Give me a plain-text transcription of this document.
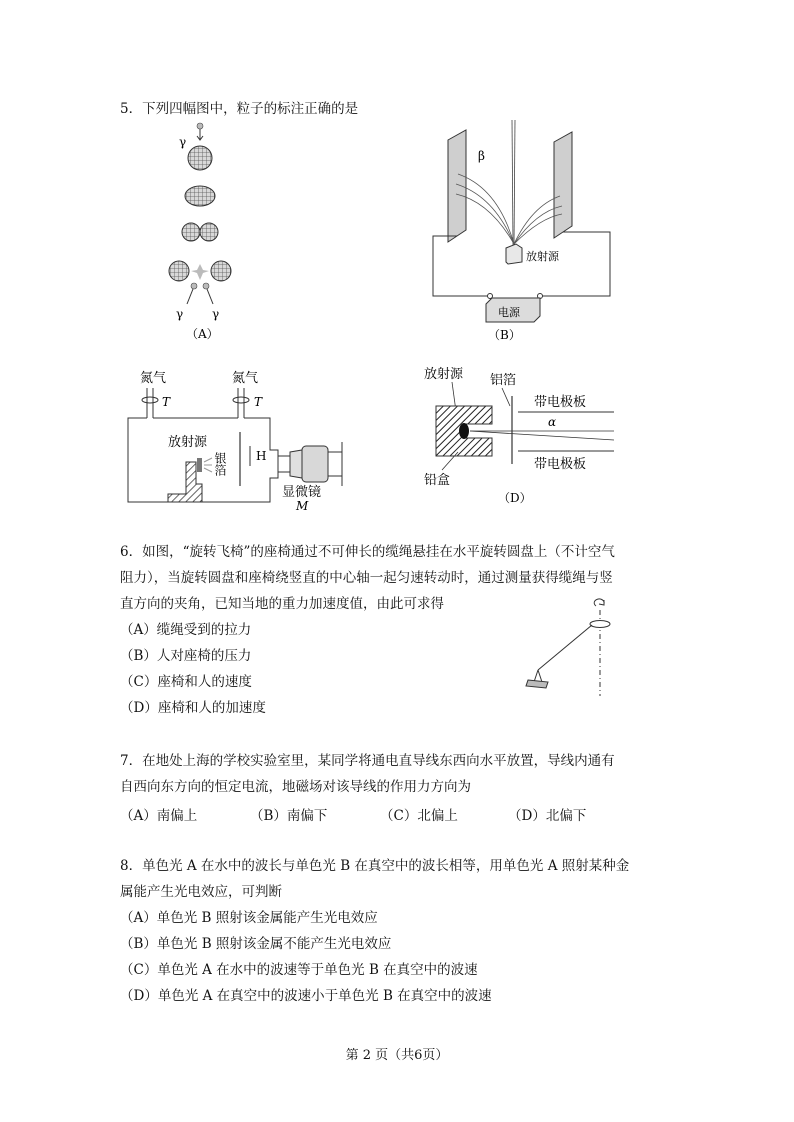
5．下列四幅图中，粒子的标注正确的是
γ
γ γ
（A）
β
放射源
电源
（B）
氮气	氮气
T	T
放射源
银箔 H
显微镜
M
放射源 铝箔
带电极板
α
带电极板
铅盒
（D）
6．如图，“旋转飞椅”的座椅通过不可伸长的缆绳悬挂在水平旋转圆盘上（不计空气
阻力），当旋转圆盘和座椅绕竖直的中心轴一起匀速转动时，通过测量获得缆绳与竖
直方向的夹角，已知当地的重力加速度值，由此可求得
（A）缆绳受到的拉力
（B）人对座椅的压力
（C）座椅和人的速度
（D）座椅和人的加速度
7．在地处上海的学校实验室里，某同学将通电直导线东西向水平放置，导线内通有
自西向东方向的恒定电流，地磁场对该导线的作用力方向为
（A）南偏上	（B）南偏下	（C）北偏上	（D）北偏下
8．单色光 A 在水中的波长与单色光 B 在真空中的波长相等，用单色光 A 照射某种金
属能产生光电效应，可判断
（A）单色光 B 照射该金属能产生光电效应
（B）单色光 B 照射该金属不能产生光电效应
（C）单色光 A 在水中的波速等于单色光 B 在真空中的波速
（D）单色光 A 在真空中的波速小于单色光 B 在真空中的波速
第 2 页（共6页）
